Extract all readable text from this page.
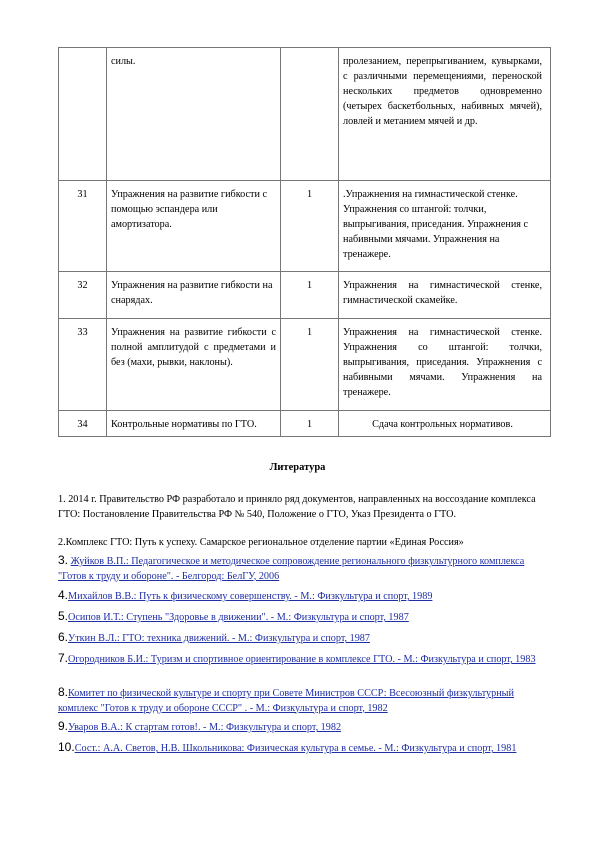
	силы.		пролезанием, перепрыгиванием, кувырками, с различными перемещениями, переноской нескольких предметов одновременно (четырех баскетбольных, набивных мячей), ловлей и метанием мячей и др.
31	Упражнения на развитие гибкости с помощью эспандера или амортизатора.	1	.Упражнения на гимнастической стенке. Упражнения со штангой: толчки, выпрыгивания, приседания. Упражнения с набивными мячами. Упражнения на тренажере.
32	Упражнения на развитие гибкости на снарядах.	1	Упражнения на гимнастической стенке, гимнастической скамейке.
33	Упражнения на развитие гибкости с полной амплитудой с предметами и без (махи, рывки, наклоны).	1	Упражнения на гимнастической стенке. Упражнения со штангой: толчки, выпрыгивания, приседания. Упражнения с набивными мячами. Упражнения на тренажере.
34	Контрольные нормативы по ГТО.	1	Сдача контрольных нормативов.
Литература
1. 2014 г. Правительство РФ разработало и приняло ряд документов, направленных на воссоздание комплекса ГТО: Постановление Правительства РФ № 540, Положение о ГТО, Указ Президента о ГТО.
2.Комплекс ГТО: Путь к успеху. Самарское региональное отделение партии «Единая Россия»
3. Жуйков В.П.: Педагогическое и методическое сопровождение регионального физкультурного комплекса "Готов к труду и обороне". - Белгород: БелГУ, 2006
4.Михайлов В.В.: Путь к физическому совершенству. - М.: Физкультура и спорт, 1989
5.Осипов И.Т.: Ступень "Здоровье в движении". - М.: Физкультура и спорт, 1987
6.Уткин В.Л.: ГТО: техника движений. - М.: Физкультура и спорт, 1987
7.Огородников Б.И.: Туризм и спортивное ориентирование в комплексе ГТО. - М.: Физкультура и спорт, 1983
8.Комитет по физической культуре и спорту при Совете Министров СССР: Всесоюзный физкультурный комплекс "Готов к труду и обороне СССР" . - М.: Физкультура и спорт, 1982
9.Уваров В.А.: К стартам готов!. - М.: Физкультура и спорт, 1982
10.Сост.: А.А. Светов, Н.В. Школьникова: Физическая культура в семье. - М.: Физкультура и спорт, 1981
